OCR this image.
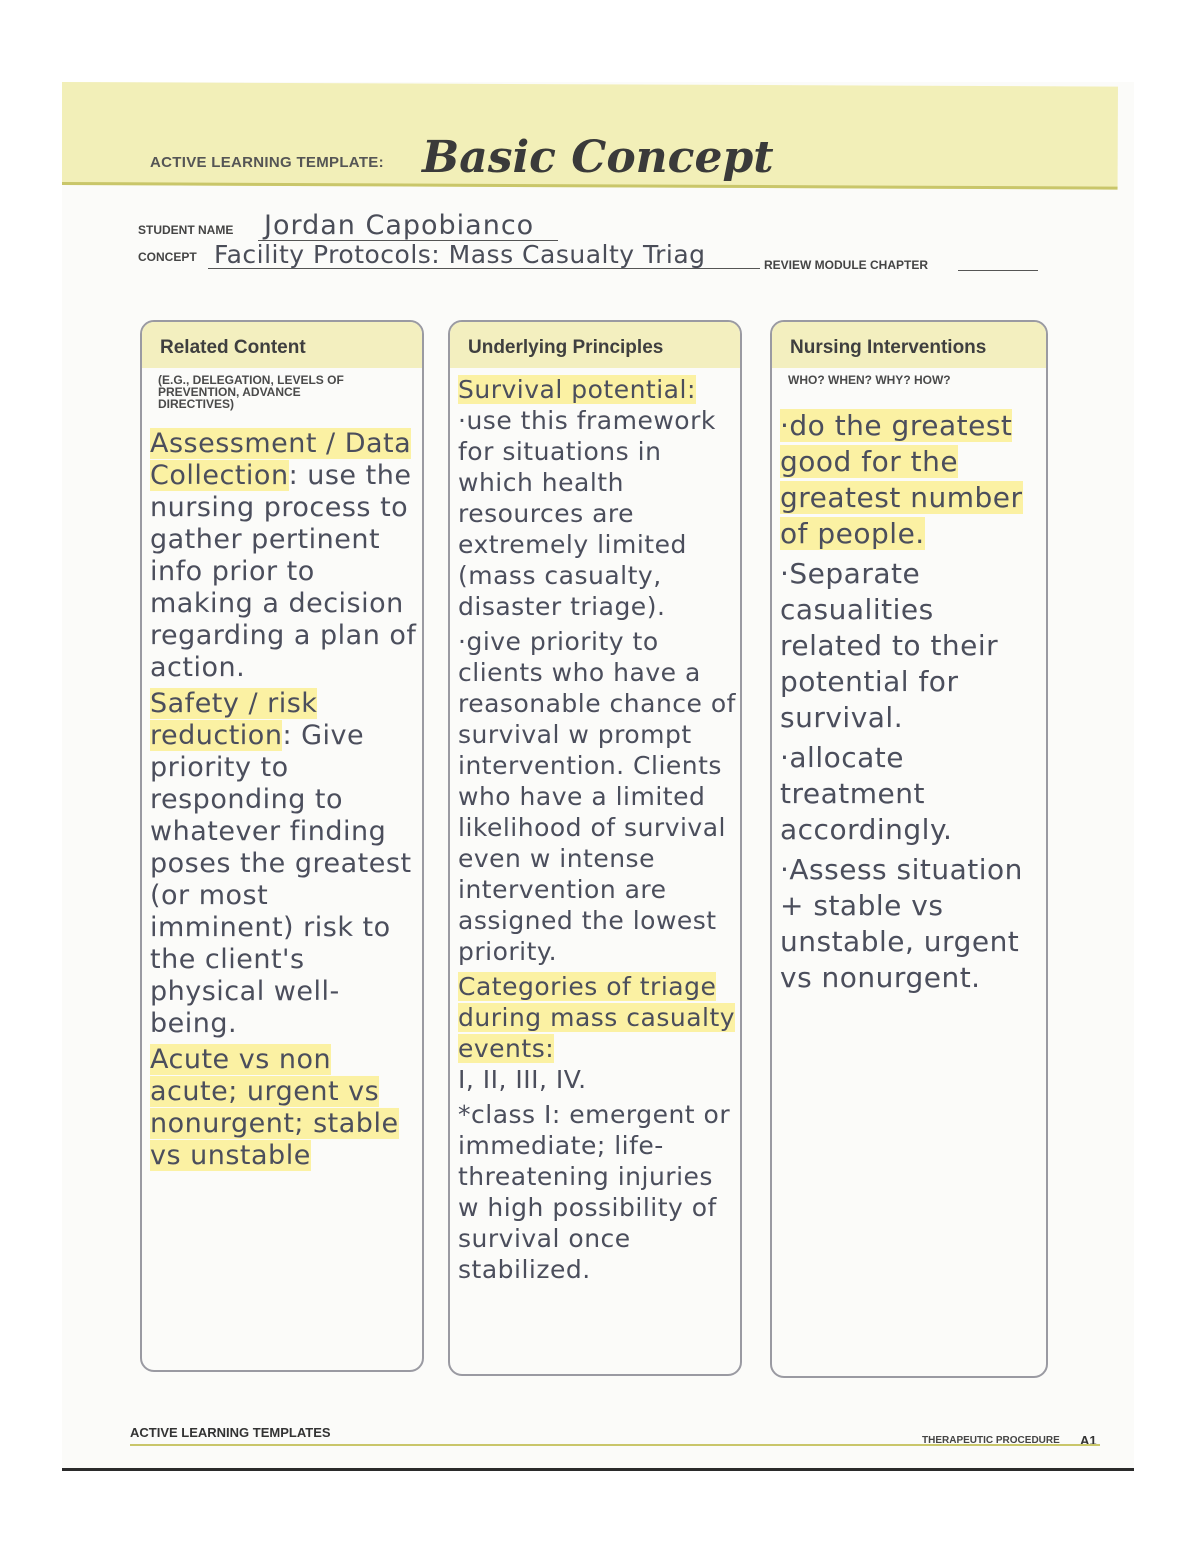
ACTIVE LEARNING TEMPLATE: Basic Concept
STUDENT NAME Jordan Capobianco
CONCEPT Facility Protocols: Mass Casualty Triag	REVIEW MODULE CHAPTER
Related Content
(E.G., DELEGATION, LEVELS OF PREVENTION, ADVANCE DIRECTIVES)

Assessment / Data Collection: use the nursing process to gather pertinent info prior to making a decision regarding a plan of action.

Safety / risk reduction: Give priority to responding to whatever finding poses the greatest (or most imminent) risk to the client's physical well-being.

Acute vs non acute; urgent vs nonurgent; stable vs unstable

Underlying Principles

Survival potential:
·use this framework for situations in which health resources are extremely limited (mass casualty, disaster triage).

·give priority to clients who have a reasonable chance of survival w prompt intervention. Clients who have a limited likelihood of survival even w intense intervention are assigned the lowest priority.

Categories of triage during mass casualty events:
I, II, III, IV.

*class I: emergent or immediate; life-threatening injuries w high possibility of survival once stabilized.

Nursing Interventions
WHO? WHEN? WHY? HOW?

·do the greatest good for the greatest number of people.

·Separate casualities related to their potential for survival.

·allocate treatment accordingly.

·Assess situation + stable vs unstable, urgent vs nonurgent.

ACTIVE LEARNING TEMPLATES
THERAPEUTIC PROCEDURE A1
